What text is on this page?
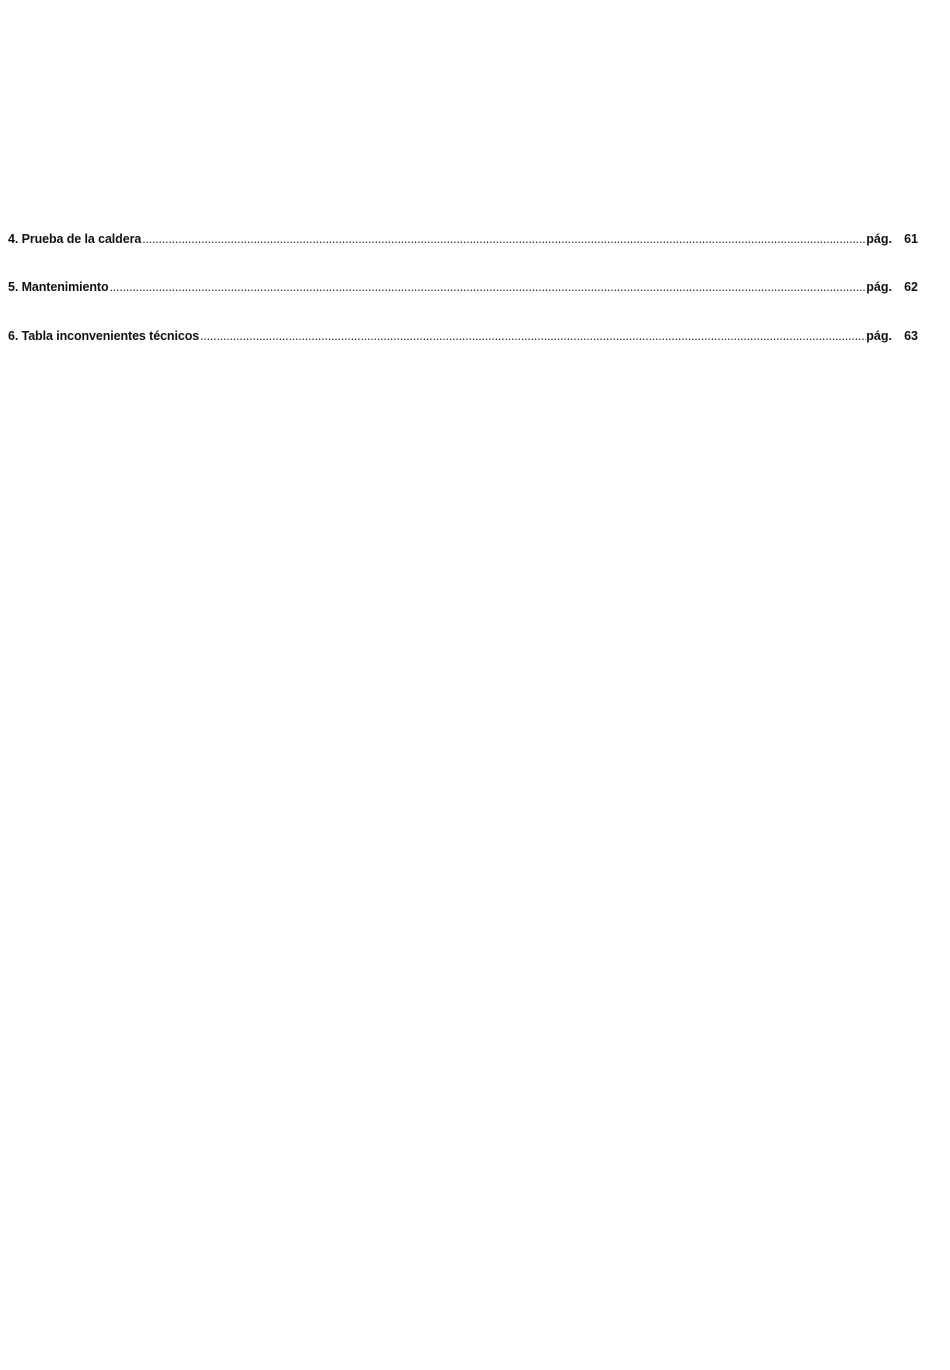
4. Prueba de la caldera .....	pág. 61
5. Mantenimiento .....	pág. 62
6. Tabla inconvenientes técnicos .....	pág. 63
